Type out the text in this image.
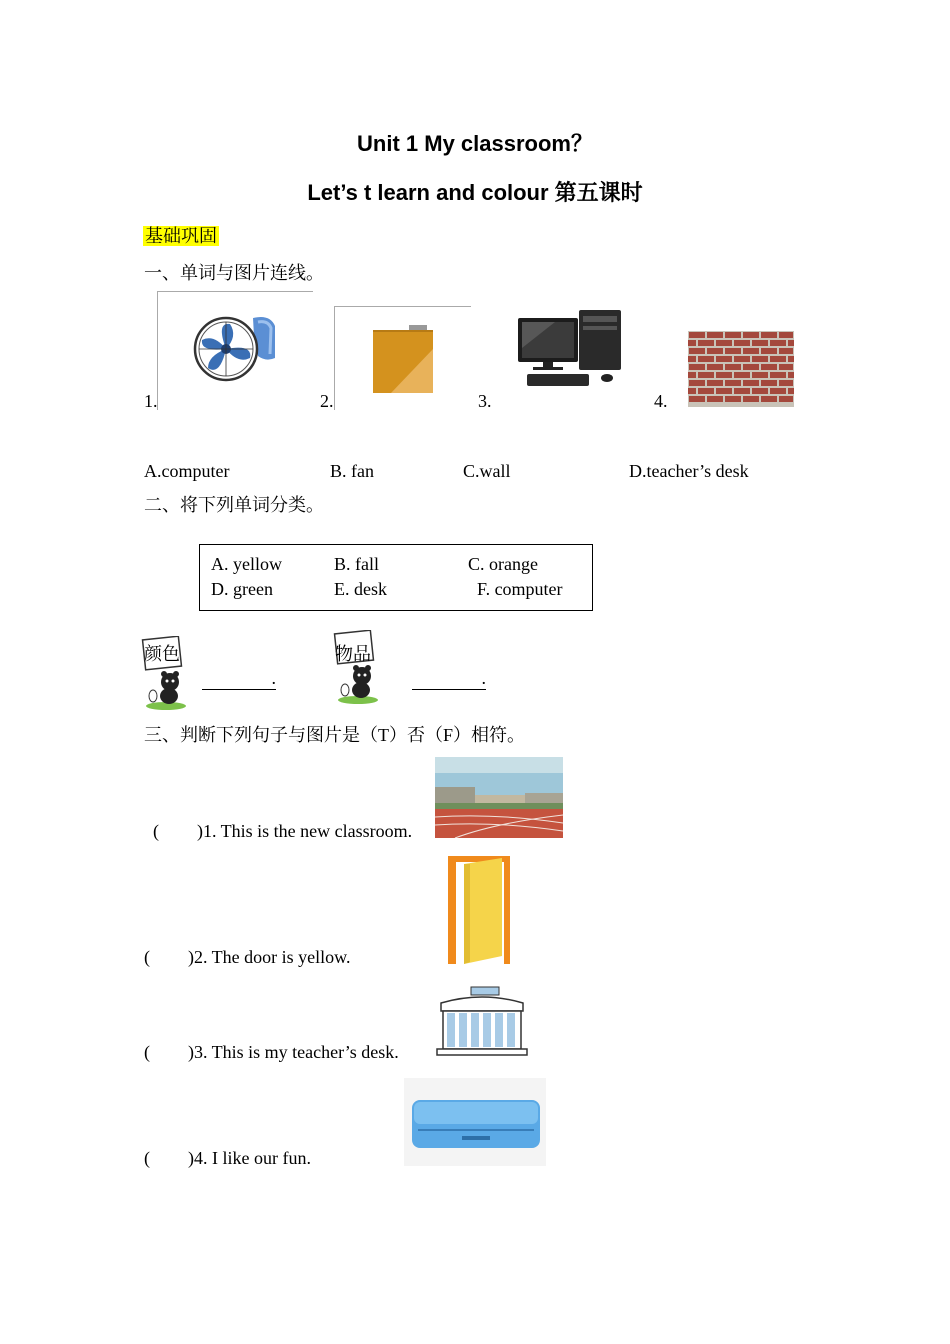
Unit 1 My classroom？
Let’s t learn and colour 第五课时
基础巩固
一、单词与图片连线。
1.	2.	3.	4.
A.computer	B. fan	C.wall	D.teacher’s desk
二、将下列单词分类。
A. yellow	B. fall	C. orange
D. green	E. desk	F. computer
颜色
.
物品
.
三、判断下列句子与图片是（T）否（F）相符。
( )1. This is the new classroom.
( )2. The door is yellow.
( )3. This is my teacher’s desk.
( )4. I like our fun.
